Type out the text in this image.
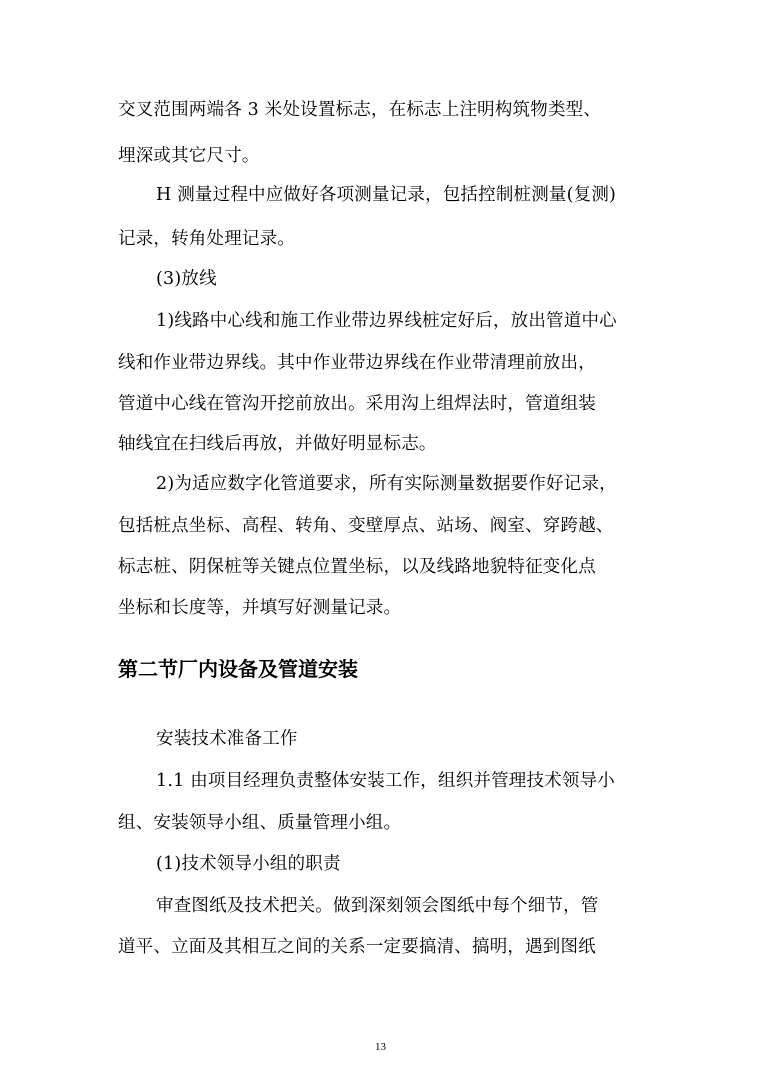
交叉范围两端各 3 米处设置标志，在标志上注明构筑物类型、
埋深或其它尺寸。
H 测量过程中应做好各项测量记录，包括控制桩测量(复测)
记录，转角处理记录。
(3)放线
1)线路中心线和施工作业带边界线桩定好后，放出管道中心
线和作业带边界线。其中作业带边界线在作业带清理前放出，
管道中心线在管沟开挖前放出。采用沟上组焊法时，管道组装
轴线宜在扫线后再放，并做好明显标志。
2)为适应数字化管道要求，所有实际测量数据要作好记录，
包括桩点坐标、高程、转角、变壁厚点、站场、阀室、穿跨越、
标志桩、阴保桩等关键点位置坐标，以及线路地貌特征变化点
坐标和长度等，并填写好测量记录。
第二节厂内设备及管道安装
安装技术准备工作
1.1 由项目经理负责整体安装工作，组织并管理技术领导小
组、安装领导小组、质量管理小组。
(1)技术领导小组的职责
审查图纸及技术把关。做到深刻领会图纸中每个细节，管
道平、立面及其相互之间的关系一定要搞清、搞明，遇到图纸
13
